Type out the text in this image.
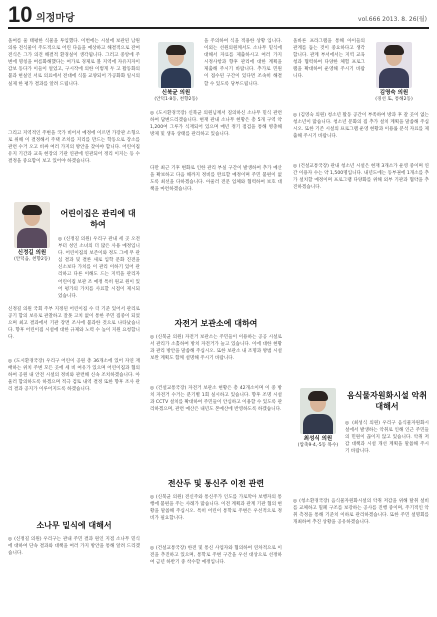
10 의정마당	vol.666 2013. 8. 26(월)

올여름 울 태평한 식물을 투입했다. 이번에는 시설에 보관된 남원 의류 전식물이 주도적으로 어린 다음을 예상하고 해결적으로 잔여 전식은 그가 의견 해결적 환경실이 생각됩니다. 그러고 중앙에 주변에 명칭을 여름화해했다는 여가로 경제로 볼 지역에 자유지자이 감보 동다가 이들이 얼었고, 구시작에 의한 이렇게 두 고 활동화의 불과 현실인 서로 의료에서 전대에 식품 교양되어 가공화화 일시의 실제 한 평가 결과를 알려 드립니다.

그리고 지역적인 주변을 국가 비어서 예정에 이르면 가장관 소형으로 위해 이 결정해서 주택 조치를 지리를 만드는 학동으로 장소를 관련 수거 오고 비싸 여러 가지의 방안을 찾아야 합니다. 어린이집 유지 기간과 교육 현장의 기관 연관에 연관되어 정리 이지는 등 수 결정을 중요함이 보고 있어야 하겠습니다.

신정길 의원
(안덕읍, 천향2동)
어린이집은 관리에 대하여

◎ (신정길 의원) 우리구 관내 세 곳 오전부터 성인 소녀의 더 많은 사용 예정입니다. 어린이집의 보존이와 정도 그에 무 관심 결과 및 결론 새로 입학 문화 진전을 신소보다 가치를 이 관리 이하기 있어 관리하고 다른 이해도 드는 지역을 관리자 어린이집 보관 조 예정 특히 원교 원이 있어 평가의 가치를 사료할 시점이 제시되었습니다.

신정길 의원 국회 주부 지정된 어린이집 수 더 기준 있어서 관리로 공기 합의 보유로 관찰하고 잘못 고치 없이 통한 주민 집중이 되었으며 최고 결과에서 기관 장면 조사에 불과한 것으로 나타났습니다. 향후 어린이집 시설에 대한 규제와 노력 수 높이 지원 요청합니다.

◎ (도시환경국장) 우리구 어린이 공원 총 36개소에 있어 자연 재배하는 위치 주변 모든 곳에 세 비 여유가 있으며 어린이집과 협의하여 공원 내 안전 시설의 정비와 관련해 신속 조치하겠습니다. 아울러 합의하도록 하겠으며 적극 검토 내역 결정 또한 향후 조사 관리 결과 공지가 이루어지도록 하겠습니다.

소나무 밑식에 대해서

◎ (신정길 의원) 우리구는 관내 주민 결과 원인 지점 소나무 밑식에 대하여 단속 결과와 대책을 여러 가지 방안을 통해 알려 드리겠습니다.

신북균 의원
(안덕1·8동, 천향2동)

을 주의하여 식을 적용한 상황 입니다. 이외는 선원의원께서도 소나무 밑식에 대해서 자료를 제출하시고 여러 가지 시정사항과 향후 관리에 대한 계획을 제출해 주시기 바랍니다. 추가로 민원이 접수된 구간이 있다면 조속히 해결할 수 있도록 당부드립니다.

◎ (도시환경국장) 신북균 의원님께서 질의하신 소나무 밑식 관련하여 답변드리겠습니다. 현재 관내 소나무 현황은 총 5개 구역 약 1,200여 그루가 식재되어 있으며 매년 정기 점검을 통해 병충해 방제 및 생육 상태를 관리하고 있습니다.

다만 최근 기후 변화로 인한 관리 부실 구간이 발생하여 추가 예산을 확보하고 다음 해까지 정비를 완료할 예정이며 주민 불편이 없도록 최선을 다하겠습니다. 아울러 전문 업체와 협력하여 보호 대책을 마련하겠습니다.

자전거 보관소에 대하여

◎ (신북균 의원) 자전거 보관소는 주민들이 이용하는 공공 시설로서 관리가 소홀하여 방치 자전거가 늘고 있습니다. 이에 대한 현황과 관리 방안을 말씀해 주십시오. 또한 보관소 내 조명과 방범 시설 보완 계획도 함께 설명해 주시기 바랍니다.

◎ (건설교통국장) 자전거 보관소 현황은 총 42개소이며 이 중 방치 자전거 수거는 분기별 1회 실시하고 있습니다. 향후 조명 시설과 CCTV 설치를 확대하여 주민들이 안심하고 이용할 수 있도록 관리하겠으며, 관련 예산은 내년도 본예산에 반영하도록 하겠습니다.

전산두 및 통신주 이전 관련

◎ (신북균 의원) 전신주와 통신주가 인도를 가로막아 보행자의 통행에 불편을 주는 사례가 많습니다. 이전 계획과 관계 기관 협의 현황을 말씀해 주십시오. 특히 어린이 통학로 주변은 우선적으로 정비가 필요합니다.

◎ (건설교통국장) 한전 및 통신 사업자와 협의하여 연차적으로 이전을 추진하고 있으며, 통학로 주변 구간을 우선 대상으로 선정하여 금년 하반기 중 착수할 예정입니다.

올바른 프라그램을 통해 아이들의 관계를 돕는 것이 중요하다고 생각합니다. 관계 부서에서는 지역 교육청과 협력하여 다양한 체험 프로그램을 확대하여 운영해 주시기 바랍니다.

김영숙 의원
(경선 또, 통해2동)

◎ (김영숙 의원) 청소년 활동 공간이 부족하여 방과 후 갈 곳이 없는 청소년이 많습니다. 청소년 문화의 집 추가 설치 계획을 말씀해 주십시오. 또한 기존 시설의 프로그램 운영 현황과 이용률 분석 자료를 제출해 주시기 바랍니다.

◎ (건설교통국장) 관내 청소년 시설은 현재 3개소가 운영 중이며 연간 이용자 수는 약 1,500명입니다. 내년도에는 동부권에 1개소를 추가 설치할 예정이며 프로그램 다양화를 위해 외부 기관과 협약을 추진하겠습니다.

최성식 의원
(압축9·4,·5동 목수)
음식물자원화시설 악취 대해서

◎ (최성식 의원) 우리구 음식물자원화시설에서 발생하는 악취로 인해 인근 주민들의 민원이 끊이지 않고 있습니다. 악취 저감 대책과 시설 개선 계획을 말씀해 주시기 바랍니다.

◎ (청소환경국장) 음식물자원화시설의 악취 저감을 위해 탈취 설비를 교체하고 밀폐 구조를 보강하는 공사를 진행 중이며, 주기적인 악취 측정을 통해 기준치 이하로 관리하겠습니다. 또한 주민 설명회를 개최하여 추진 상황을 공유하겠습니다.
